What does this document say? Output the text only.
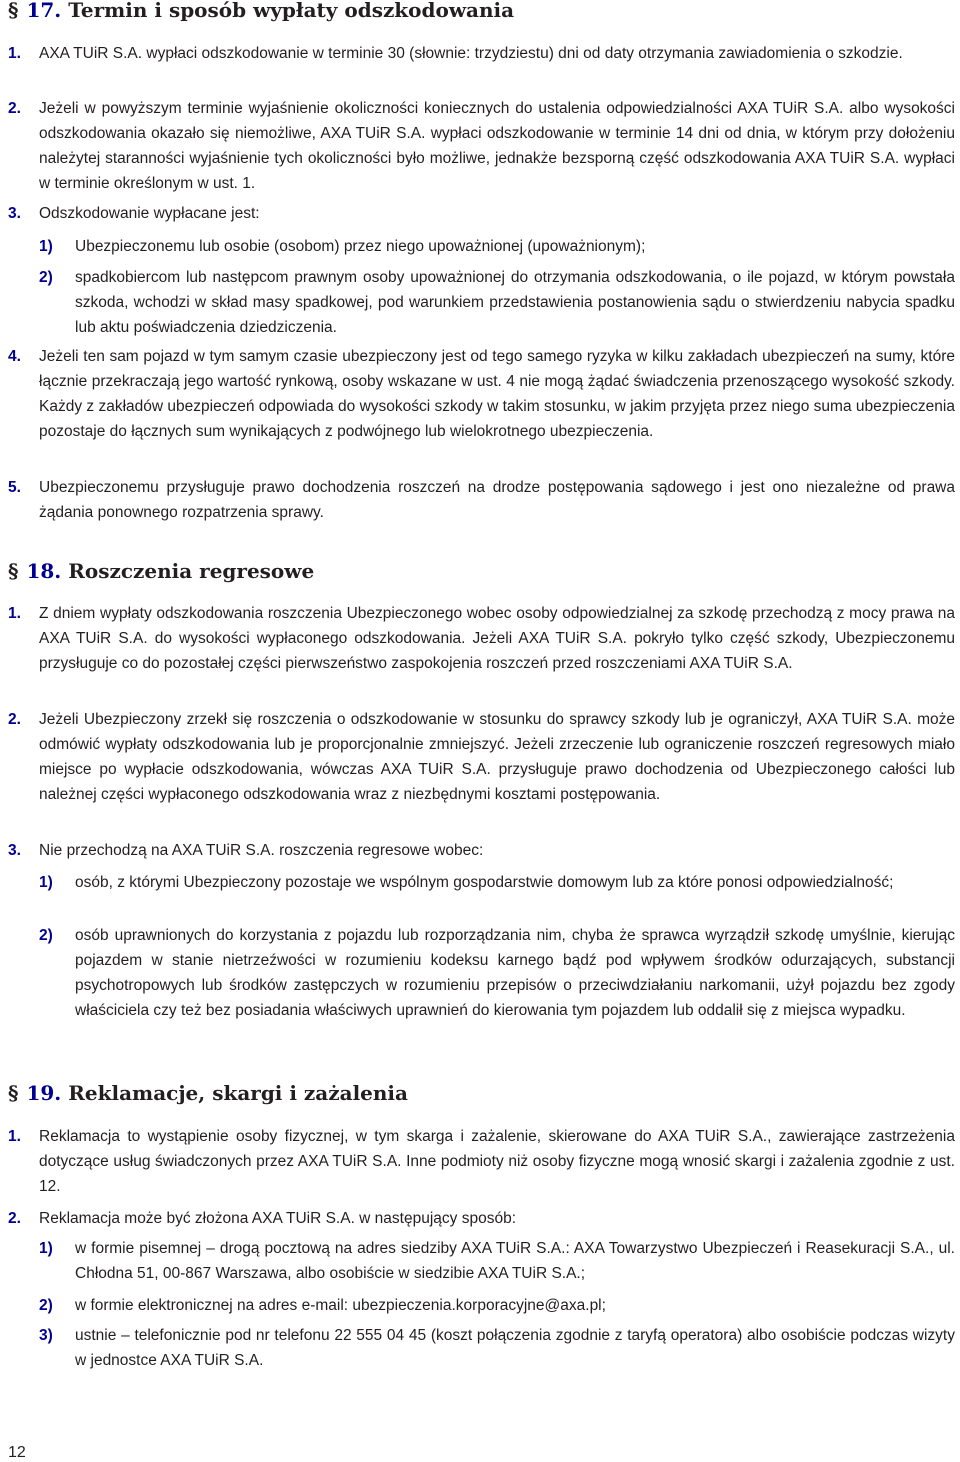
§ 17. Termin i sposób wypłaty odszkodowania
1. AXA TUiR S.A. wypłaci odszkodowanie w terminie 30 (słownie: trzydziestu) dni od daty otrzymania zawiadomienia o szkodzie.
2. Jeżeli w powyższym terminie wyjaśnienie okoliczności koniecznych do ustalenia odpowiedzialności AXA TUiR S.A. albo wysokości odszkodowania okazało się niemożliwe, AXA TUiR S.A. wypłaci odszkodowanie w terminie 14 dni od dnia, w którym przy dołożeniu należytej staranności wyjaśnienie tych okoliczności było możliwe, jednakże bezsporną część odszkodowania AXA TUiR S.A. wypłaci w terminie określonym w ust. 1.
3. Odszkodowanie wypłacane jest:
1) Ubezpieczonemu lub osobie (osobom) przez niego upoważnionej (upoważnionym);
2) spadkobiercom lub następcom prawnym osoby upoważnionej do otrzymania odszkodowania, o ile pojazd, w którym powstała szkoda, wchodzi w skład masy spadkowej, pod warunkiem przedstawienia postanowienia sądu o stwierdzeniu nabycia spadku lub aktu poświadczenia dziedziczenia.
4. Jeżeli ten sam pojazd w tym samym czasie ubezpieczony jest od tego samego ryzyka w kilku zakładach ubezpieczeń na sumy, które łącznie przekraczają jego wartość rynkową, osoby wskazane w ust. 4 nie mogą żądać świadczenia przenoszącego wysokość szkody. Każdy z zakładów ubezpieczeń odpowiada do wysokości szkody w takim stosunku, w jakim przyjęta przez niego suma ubezpieczenia pozostaje do łącznych sum wynikających z podwójnego lub wielokrotnego ubezpieczenia.
5. Ubezpieczonemu przysługuje prawo dochodzenia roszczeń na drodze postępowania sądowego i jest ono niezależne od prawa żądania ponownego rozpatrzenia sprawy.
§ 18. Roszczenia regresowe
1. Z dniem wypłaty odszkodowania roszczenia Ubezpieczonego wobec osoby odpowiedzialnej za szkodę przechodzą z mocy prawa na AXA TUiR S.A. do wysokości wypłaconego odszkodowania. Jeżeli AXA TUiR S.A. pokryło tylko część szkody, Ubezpieczonemu przysługuje co do pozostałej części pierwszeństwo zaspokojenia roszczeń przed roszczeniami AXA TUiR S.A.
2. Jeżeli Ubezpieczony zrzekł się roszczenia o odszkodowanie w stosunku do sprawcy szkody lub je ograniczył, AXA TUiR S.A. może odmówić wypłaty odszkodowania lub je proporcjonalnie zmniejszyć. Jeżeli zrzeczenie lub ograniczenie roszczeń regresowych miało miejsce po wypłacie odszkodowania, wówczas AXA TUiR S.A. przysługuje prawo dochodzenia od Ubezpieczonego całości lub należnej części wypłaconego odszkodowania wraz z niezbędnymi kosztami postępowania.
3. Nie przechodzą na AXA TUiR S.A. roszczenia regresowe wobec:
1) osób, z którymi Ubezpieczony pozostaje we wspólnym gospodarstwie domowym lub za które ponosi odpowiedzialność;
2) osób uprawnionych do korzystania z pojazdu lub rozporządzania nim, chyba że sprawca wyrządził szkodę umyślnie, kierując pojazdem w stanie nietrzeźwości w rozumieniu kodeksu karnego bądź pod wpływem środków odurzających, substancji psychotropowych lub środków zastępczych w rozumieniu przepisów o przeciwdziałaniu narkomanii, użył pojazdu bez zgody właściciela czy też bez posiadania właściwych uprawnień do kierowania tym pojazdem lub oddalił się z miejsca wypadku.
§ 19. Reklamacje, skargi i zażalenia
1. Reklamacja to wystąpienie osoby fizycznej, w tym skarga i zażalenie, skierowane do AXA TUiR S.A., zawierające zastrzeżenia dotyczące usług świadczonych przez AXA TUiR S.A. Inne podmioty niż osoby fizyczne mogą wnosić skargi i zażalenia zgodnie z ust. 12.
2. Reklamacja może być złożona AXA TUiR S.A. w następujący sposób:
1) w formie pisemnej – drogą pocztową na adres siedziby AXA TUiR S.A.: AXA Towarzystwo Ubezpieczeń i Reasekuracji S.A., ul. Chłodna 51, 00-867 Warszawa, albo osobiście w siedzibie AXA TUiR S.A.;
2) w formie elektronicznej na adres e-mail: ubezpieczenia.korporacyjne@axa.pl;
3) ustnie – telefonicznie pod nr telefonu 22 555 04 45 (koszt połączenia zgodnie z taryfą operatora) albo osobiście podczas wizyty w jednostce AXA TUiR S.A.
12
